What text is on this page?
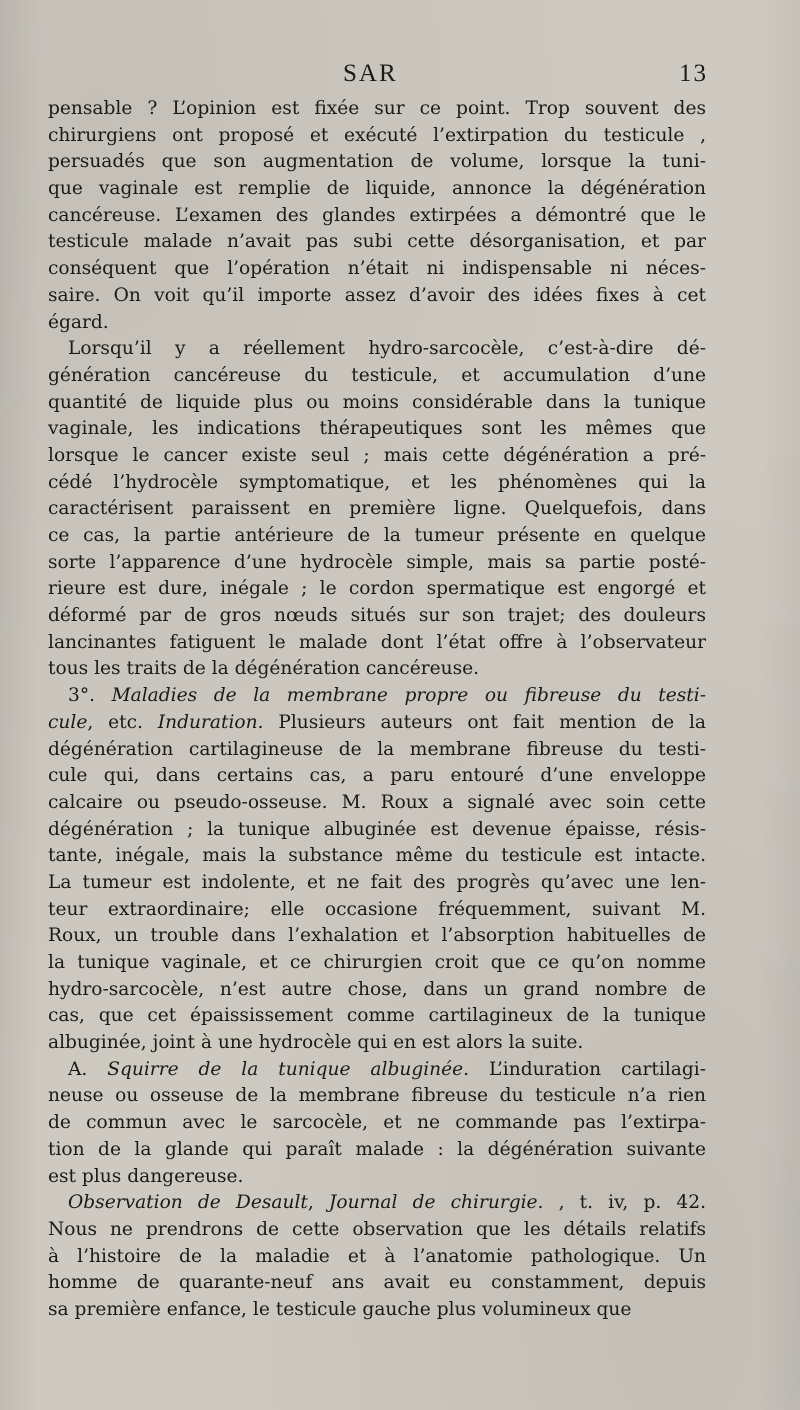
SAR	13
pensable ? L’opinion est fixée sur ce point. Trop souvent des
chirurgiens ont proposé et exécuté l’extirpation du testicule ,
persuadés que son augmentation de volume, lorsque la tuni-
que vaginale est remplie de liquide, annonce la dégénération
cancéreuse. L’examen des glandes extirpées a démontré que le
testicule malade n’avait pas subi cette désorganisation, et par
conséquent que l’opération n’était ni indispensable ni néces-
saire. On voit qu’il importe assez d’avoir des idées fixes à cet
égard.
Lorsqu’il y a réellement hydro-sarcocèle, c’est-à-dire dé-
génération cancéreuse du testicule, et accumulation d’une
quantité de liquide plus ou moins considérable dans la tunique
vaginale, les indications thérapeutiques sont les mêmes que
lorsque le cancer existe seul ; mais cette dégénération a pré-
cédé l’hydrocèle symptomatique, et les phénomènes qui la
caractérisent paraissent en première ligne. Quelquefois, dans
ce cas, la partie antérieure de la tumeur présente en quelque
sorte l’apparence d’une hydrocèle simple, mais sa partie posté-
rieure est dure, inégale ; le cordon spermatique est engorgé et
déformé par de gros nœuds situés sur son trajet; des douleurs
lancinantes fatiguent le malade dont l’état offre à l’observateur
tous les traits de la dégénération cancéreuse.
3°. Maladies de la membrane propre ou fibreuse du testi-
cule, etc. Induration. Plusieurs auteurs ont fait mention de la
dégénération cartilagineuse de la membrane fibreuse du testi-
cule qui, dans certains cas, a paru entouré d’une enveloppe
calcaire ou pseudo-osseuse. M. Roux a signalé avec soin cette
dégénération ; la tunique albuginée est devenue épaisse, résis-
tante, inégale, mais la substance même du testicule est intacte.
La tumeur est indolente, et ne fait des progrès qu’avec une len-
teur extraordinaire; elle occasione fréquemment, suivant M.
Roux, un trouble dans l’exhalation et l’absorption habituelles de
la tunique vaginale, et ce chirurgien croit que ce qu’on nomme
hydro-sarcocèle, n’est autre chose, dans un grand nombre de
cas, que cet épaississement comme cartilagineux de la tunique
albuginée, joint à une hydrocèle qui en est alors la suite.
A. Squirre de la tunique albuginée. L’induration cartilagi-
neuse ou osseuse de la membrane fibreuse du testicule n’a rien
de commun avec le sarcocèle, et ne commande pas l’extirpa-
tion de la glande qui paraît malade : la dégénération suivante
est plus dangereuse.
Observation de Desault, Journal de chirurgie. , t. iv, p. 42.
Nous ne prendrons de cette observation que les détails relatifs
à l’histoire de la maladie et à l’anatomie pathologique. Un
homme de quarante-neuf ans avait eu constamment, depuis
sa première enfance, le testicule gauche plus volumineux que
